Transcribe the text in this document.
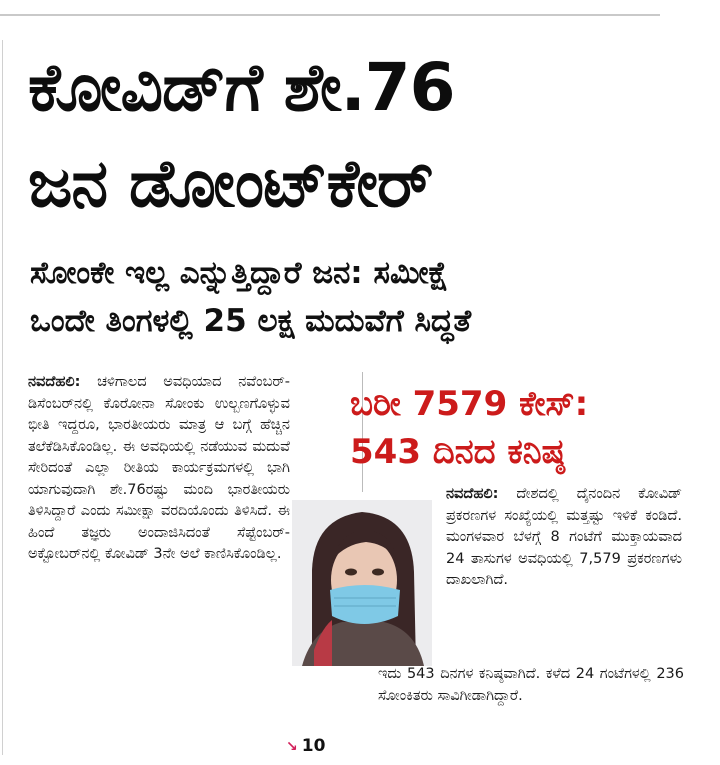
ಕೋವಿಡ್‌ಗೆ ಶೇ.76
ಜನ ಡೋಂಟ್‌ಕೇರ್
ಸೋಂಕೇ ಇಲ್ಲ ಎನ್ನುತ್ತಿದ್ದಾರೆ ಜನ: ಸಮೀಕ್ಷೆ
ಒಂದೇ ತಿಂಗಳಲ್ಲಿ 25 ಲಕ್ಷ ಮದುವೆಗೆ ಸಿದ್ಧತೆ
ನವದೆಹಲಿ: ಚಳಿಗಾಲದ ಅವಧಿಯಾದ ನವೆಂಬರ್-ಡಿಸೆಂಬರ್‌ನಲ್ಲಿ ಕೊರೋನಾ ಸೋಂಕು ಉಲ್ಬಣಗೊಳ್ಳುವ ಭೀತಿ ಇದ್ದರೂ, ಭಾರತೀಯರು ಮಾತ್ರ ಆ ಬಗ್ಗೆ ಹೆಚ್ಚಿನ ತಲೆಕೆಡಿಸಿಕೊಂಡಿಲ್ಲ. ಈ ಅವಧಿಯಲ್ಲಿ ನಡೆಯುವ ಮದುವೆ ಸೇರಿದಂತೆ ಎಲ್ಲಾ ರೀತಿಯ ಕಾರ್ಯಕ್ರಮಗಳಲ್ಲಿ ಭಾಗಿ ಯಾಗುವುದಾಗಿ ಶೇ.76ರಷ್ಟು ಮಂದಿ ಭಾರತೀಯರು ತಿಳಿಸಿದ್ದಾರೆ ಎಂದು ಸಮೀಕ್ಷಾ ವರದಿಯೊಂದು ತಿಳಿಸಿದೆ. ಈ ಹಿಂದೆ ತಜ್ಞರು ಅಂದಾಜಿಸಿದಂತೆ ಸೆಪ್ಟೆಂಬರ್-ಅಕ್ಟೋಬರ್‌ನಲ್ಲಿ ಕೋವಿಡ್ 3ನೇ ಅಲೆ ಕಾಣಿಸಿಕೊಂಡಿಲ್ಲ.
ಬರೀ 7579 ಕೇಸ್:
543 ದಿನದ ಕನಿಷ್ಠ
ನವದೆಹಲಿ: ದೇಶದಲ್ಲಿ ದೈನಂದಿನ ಕೋವಿಡ್ ಪ್ರಕರಣಗಳ ಸಂಖ್ಯೆಯಲ್ಲಿ ಮತ್ತಷ್ಟು ಇಳಿಕೆ ಕಂಡಿದೆ. ಮಂಗಳವಾರ ಬೆಳಗ್ಗೆ 8 ಗಂಟೆಗೆ ಮುಕ್ತಾಯವಾದ 24 ತಾಸುಗಳ ಅವಧಿಯಲ್ಲಿ 7,579 ಪ್ರಕರಣಗಳು ದಾಖಲಾಗಿದೆ.
ಇದು 543 ದಿನಗಳ ಕನಿಷ್ಠವಾಗಿದೆ. ಕಳೆದ 24 ಗಂಟೆಗಳಲ್ಲಿ 236 ಸೋಂಕಿತರು ಸಾವಿಗೀಡಾಗಿದ್ದಾರೆ.
↘ 10
